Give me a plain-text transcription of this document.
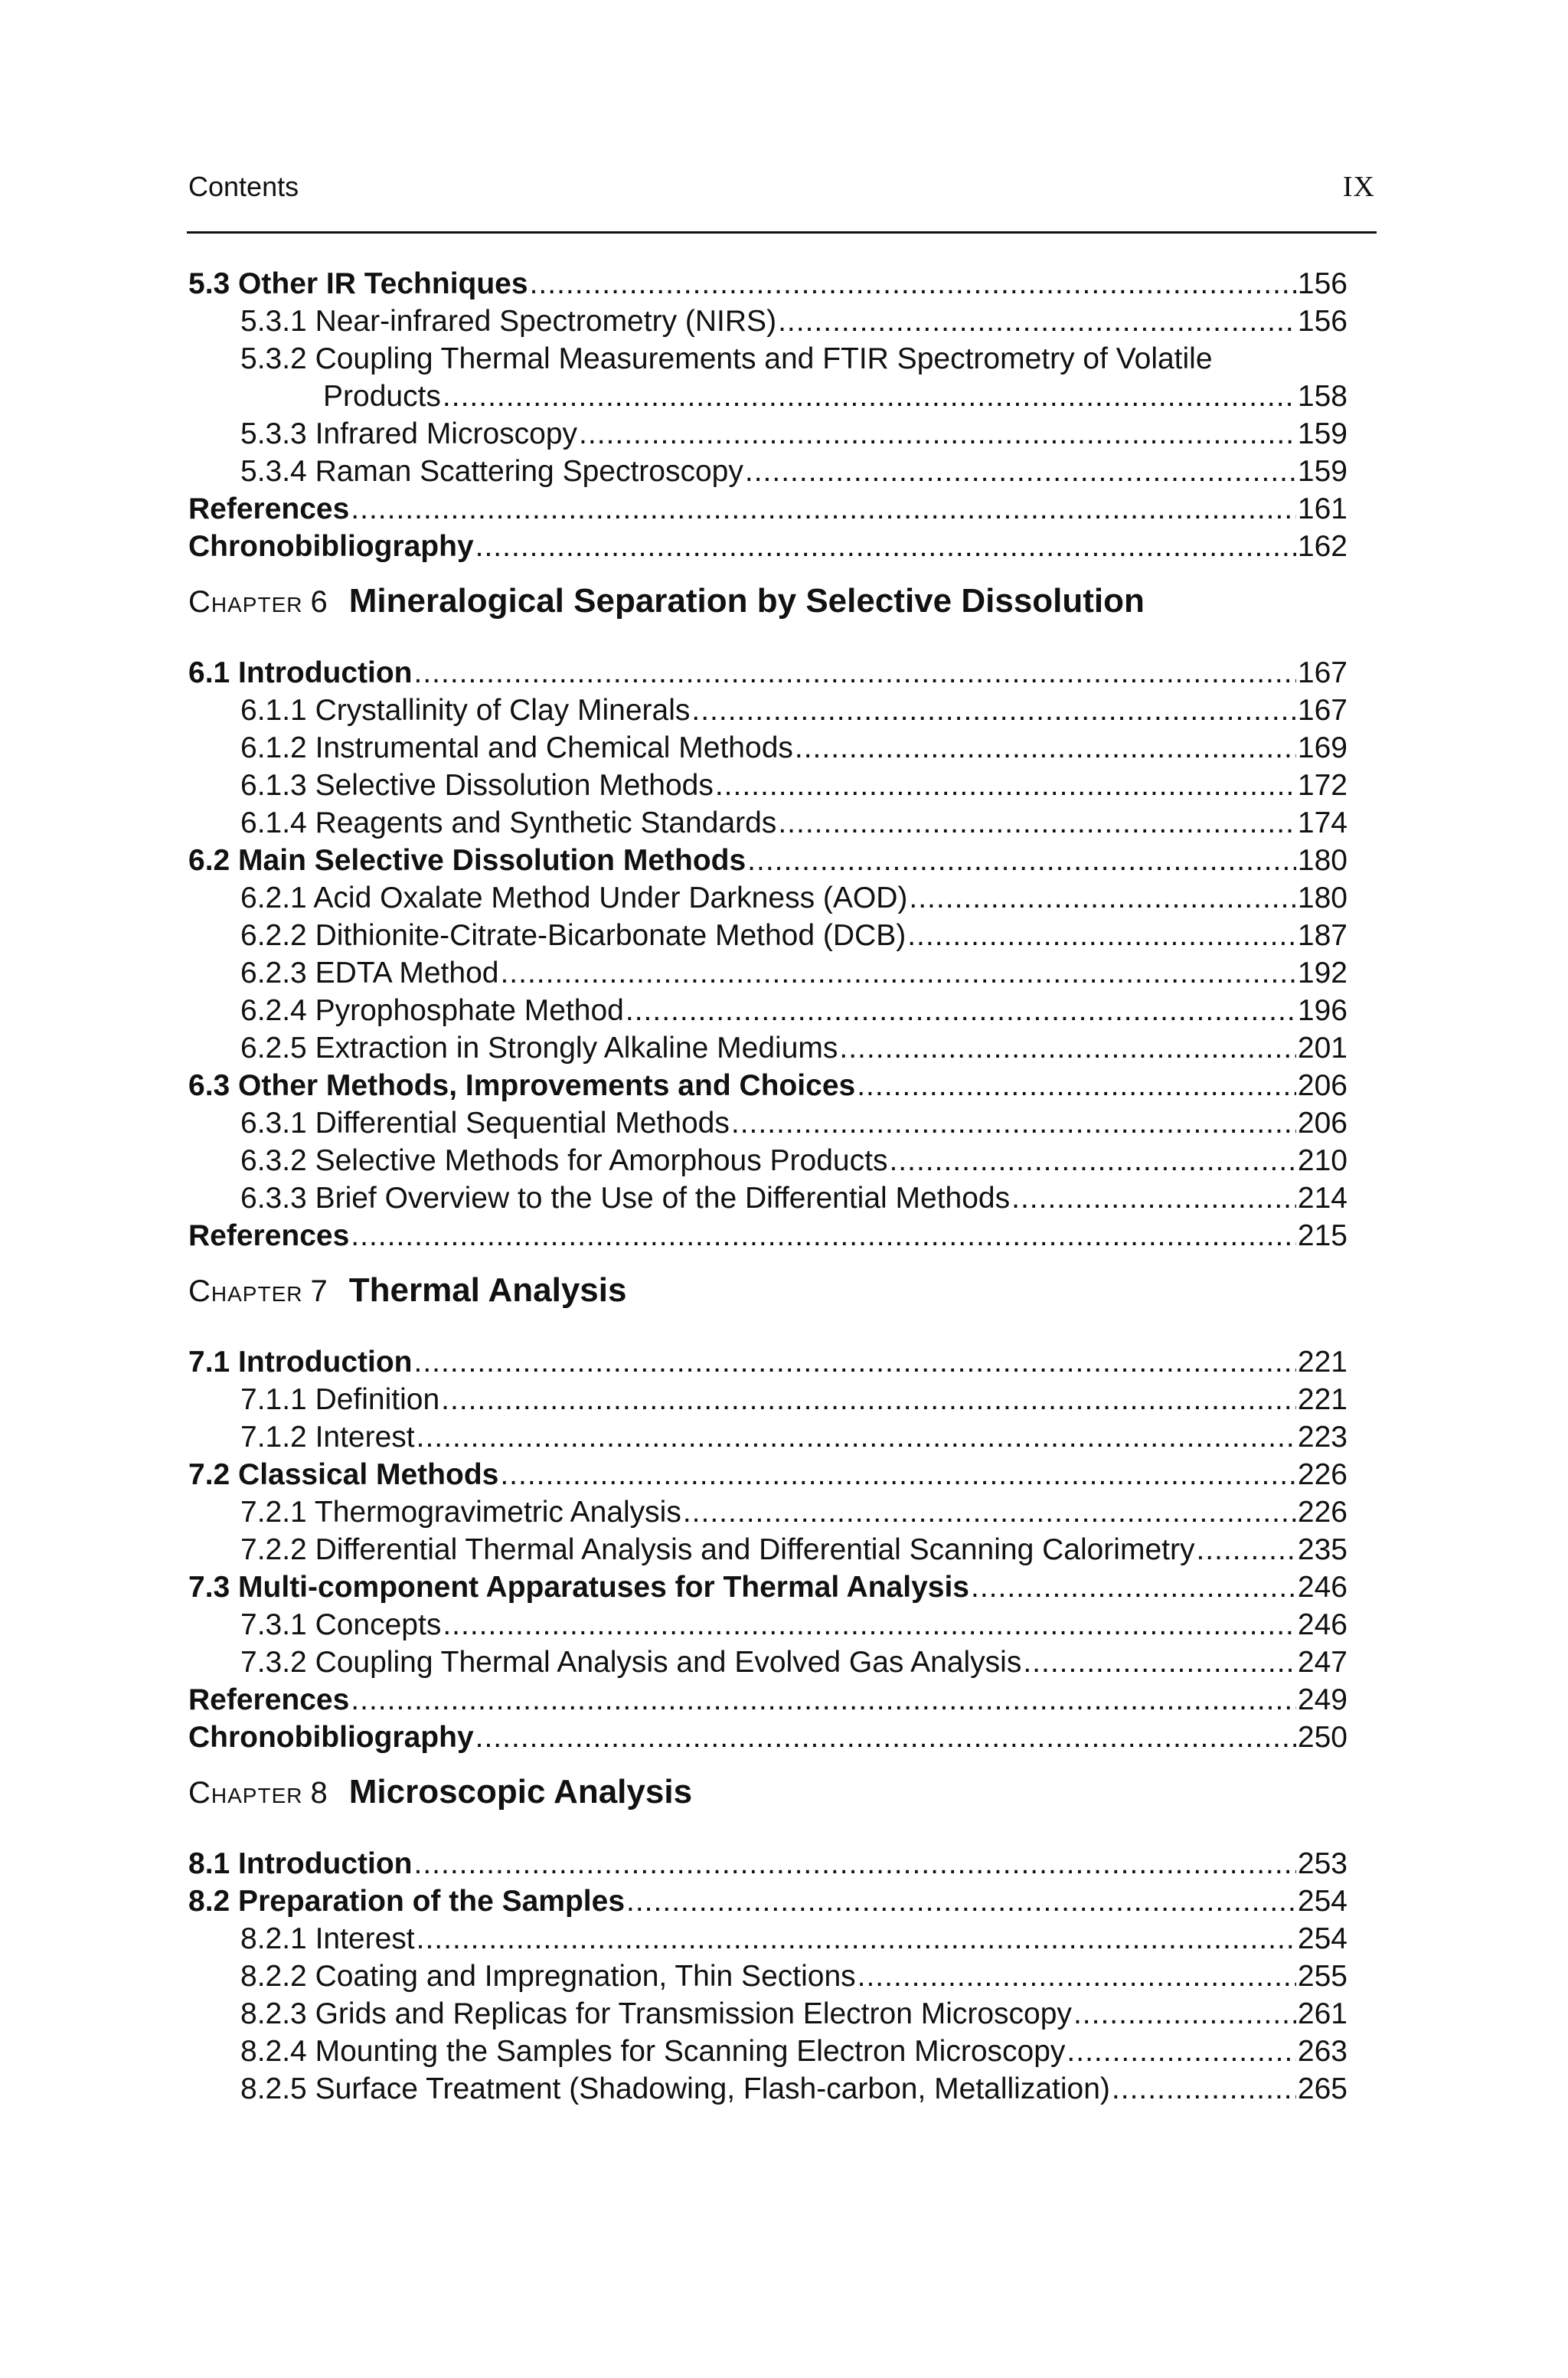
Contents	IX
5.3 Other IR Techniques .....	156
5.3.1 Near-infrared Spectrometry (NIRS) .....	156
5.3.2 Coupling Thermal Measurements and FTIR Spectrometry of Volatile
Products .....	158
5.3.3 Infrared Microscopy .....	159
5.3.4 Raman Scattering Spectroscopy .....	159
References .....	161
Chronobibliography .....	162
Chapter 6 Mineralogical Separation by Selective Dissolution
6.1 Introduction .....	167
6.1.1 Crystallinity of Clay Minerals .....	167
6.1.2 Instrumental and Chemical Methods .....	169
6.1.3 Selective Dissolution Methods .....	172
6.1.4 Reagents and Synthetic Standards .....	174
6.2 Main Selective Dissolution Methods .....	180
6.2.1 Acid Oxalate Method Under Darkness (AOD) .....	180
6.2.2 Dithionite-Citrate-Bicarbonate Method (DCB) .....	187
6.2.3 EDTA Method .....	192
6.2.4 Pyrophosphate Method .....	196
6.2.5 Extraction in Strongly Alkaline Mediums .....	201
6.3 Other Methods, Improvements and Choices .....	206
6.3.1 Differential Sequential Methods .....	206
6.3.2 Selective Methods for Amorphous Products .....	210
6.3.3 Brief Overview to the Use of the Differential Methods .....	214
References .....	215
Chapter 7 Thermal Analysis
7.1 Introduction .....	221
7.1.1 Definition .....	221
7.1.2 Interest .....	223
7.2 Classical Methods .....	226
7.2.1 Thermogravimetric Analysis .....	226
7.2.2 Differential Thermal Analysis and Differential Scanning Calorimetry .....	235
7.3 Multi-component Apparatuses for Thermal Analysis .....	246
7.3.1 Concepts .....	246
7.3.2 Coupling Thermal Analysis and Evolved Gas Analysis .....	247
References .....	249
Chronobibliography .....	250
Chapter 8 Microscopic Analysis
8.1 Introduction .....	253
8.2 Preparation of the Samples .....	254
8.2.1 Interest .....	254
8.2.2 Coating and Impregnation, Thin Sections .....	255
8.2.3 Grids and Replicas for Transmission Electron Microscopy .....	261
8.2.4 Mounting the Samples for Scanning Electron Microscopy .....	263
8.2.5 Surface Treatment (Shadowing, Flash-carbon, Metallization) .....	265
